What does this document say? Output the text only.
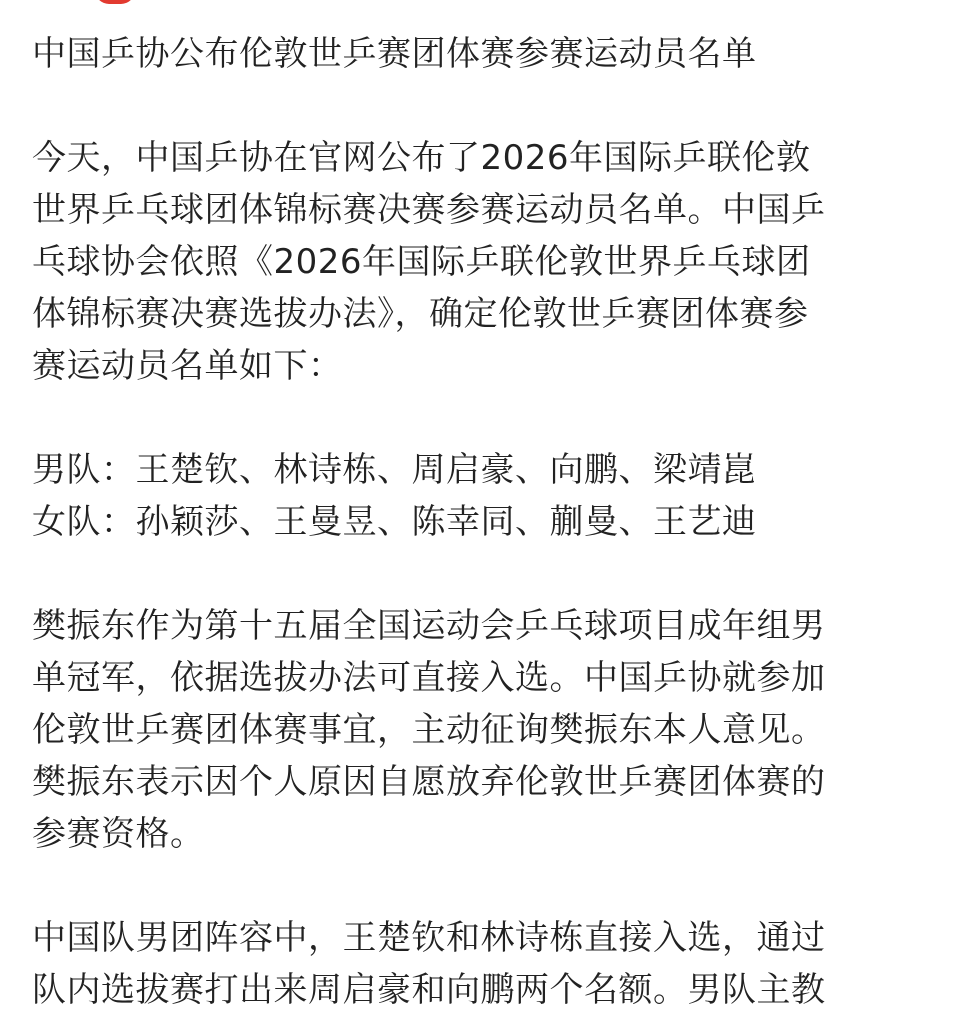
中国乒协公布伦敦世乒赛团体赛参赛运动员名单

今天，中国乒协在官网公布了2026年国际乒联伦敦
世界乒乓球团体锦标赛决赛参赛运动员名单。中国乒
乓球协会依照《2026年国际乒联伦敦世界乒乓球团
体锦标赛决赛选拔办法》，确定伦敦世乒赛团体赛参
赛运动员名单如下：

男队：王楚钦、林诗栋、周启豪、向鹏、梁靖崑
女队：孙颖莎、王曼昱、陈幸同、蒯曼、王艺迪

樊振东作为第十五届全国运动会乒乓球项目成年组男
单冠军，依据选拔办法可直接入选。中国乒协就参加
伦敦世乒赛团体赛事宜，主动征询樊振东本人意见。
樊振东表示因个人原因自愿放弃伦敦世乒赛团体赛的
参赛资格。

中国队男团阵容中，王楚钦和林诗栋直接入选，通过
队内选拔赛打出来周启豪和向鹏两个名额。男队主教
